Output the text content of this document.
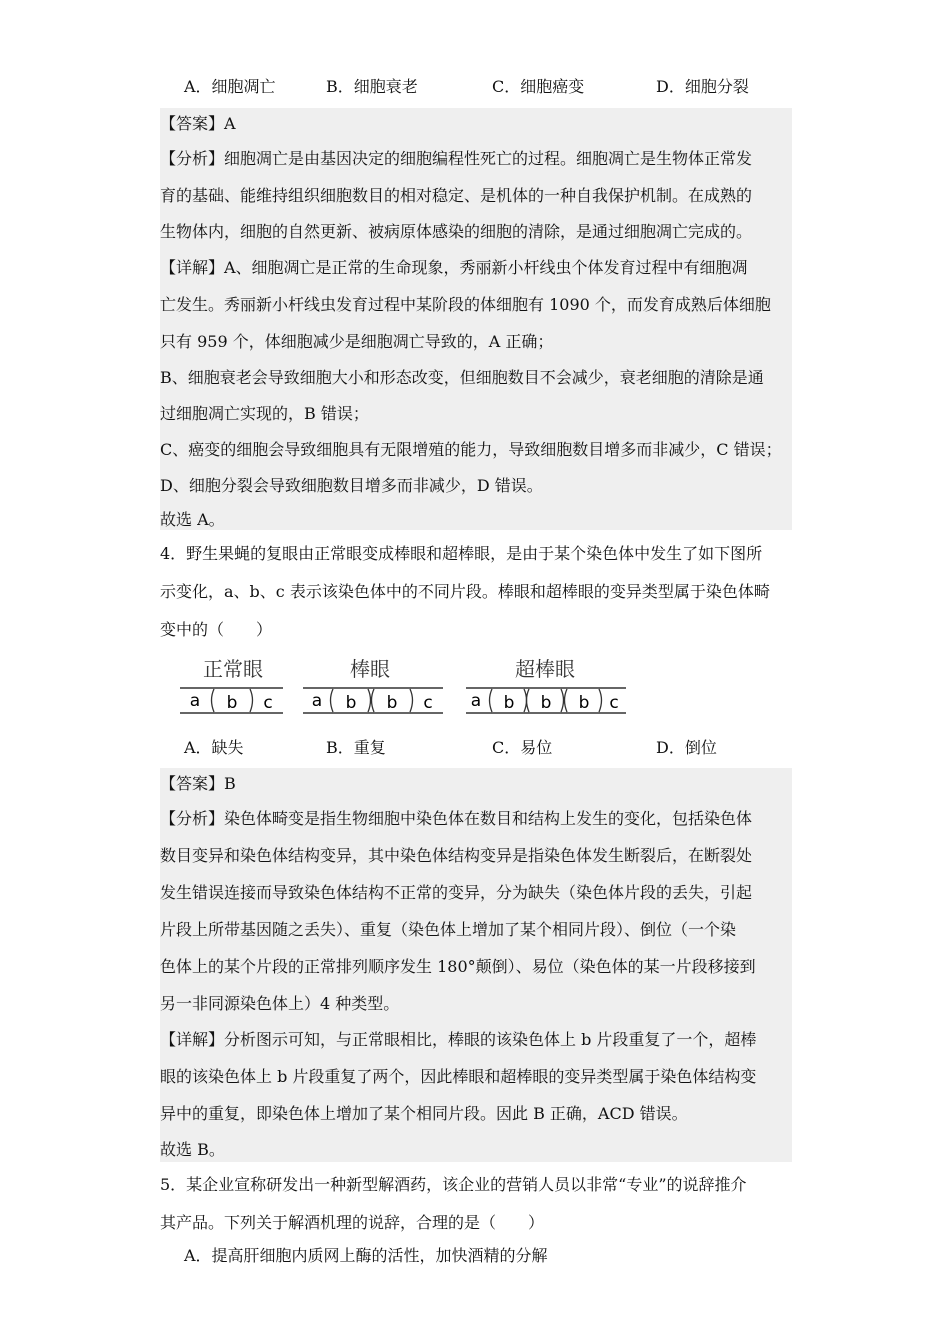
A．细胞凋亡	B．细胞衰老	C．细胞癌变	D．细胞分裂
【答案】A
【分析】细胞凋亡是由基因决定的细胞编程性死亡的过程。细胞凋亡是生物体正常发
育的基础、能维持组织细胞数目的相对稳定、是机体的一种自我保护机制。在成熟的
生物体内，细胞的自然更新、被病原体感染的细胞的清除，是通过细胞凋亡完成的。
【详解】A、细胞凋亡是正常的生命现象，秀丽新小杆线虫个体发育过程中有细胞凋
亡发生。秀丽新小杆线虫发育过程中某阶段的体细胞有 1090 个，而发育成熟后体细胞
只有 959 个，体细胞减少是细胞凋亡导致的，A 正确；
B、细胞衰老会导致细胞大小和形态改变，但细胞数目不会减少，衰老细胞的清除是通
过细胞凋亡实现的，B 错误；
C、癌变的细胞会导致细胞具有无限增殖的能力，导致细胞数目增多而非减少，C 错误；
D、细胞分裂会导致细胞数目增多而非减少，D 错误。
故选 A。
4．野生果蝇的复眼由正常眼变成棒眼和超棒眼，是由于某个染色体中发生了如下图所
示变化，a、b、c 表示该染色体中的不同片段。棒眼和超棒眼的变异类型属于染色体畸
变中的（　　）
正常眼	棒眼	超棒眼
a b c a b b c a b b b c
A．缺失	B．重复	C．易位	D．倒位
【答案】B
【分析】染色体畸变是指生物细胞中染色体在数目和结构上发生的变化，包括染色体
数目变异和染色体结构变异，其中染色体结构变异是指染色体发生断裂后，在断裂处
发生错误连接而导致染色体结构不正常的变异，分为缺失（染色体片段的丢失，引起
片段上所带基因随之丢失）、重复（染色体上增加了某个相同片段）、倒位（一个染
色体上的某个片段的正常排列顺序发生 180°颠倒）、易位（染色体的某一片段移接到
另一非同源染色体上）4 种类型。
【详解】分析图示可知，与正常眼相比，棒眼的该染色体上 b 片段重复了一个，超棒
眼的该染色体上 b 片段重复了两个，因此棒眼和超棒眼的变异类型属于染色体结构变
异中的重复，即染色体上增加了某个相同片段。因此 B 正确，ACD 错误。
故选 B。
5．某企业宣称研发出一种新型解酒药，该企业的营销人员以非常“专业”的说辞推介
其产品。下列关于解酒机理的说辞，合理的是（　　）
A．提高肝细胞内质网上酶的活性，加快酒精的分解
